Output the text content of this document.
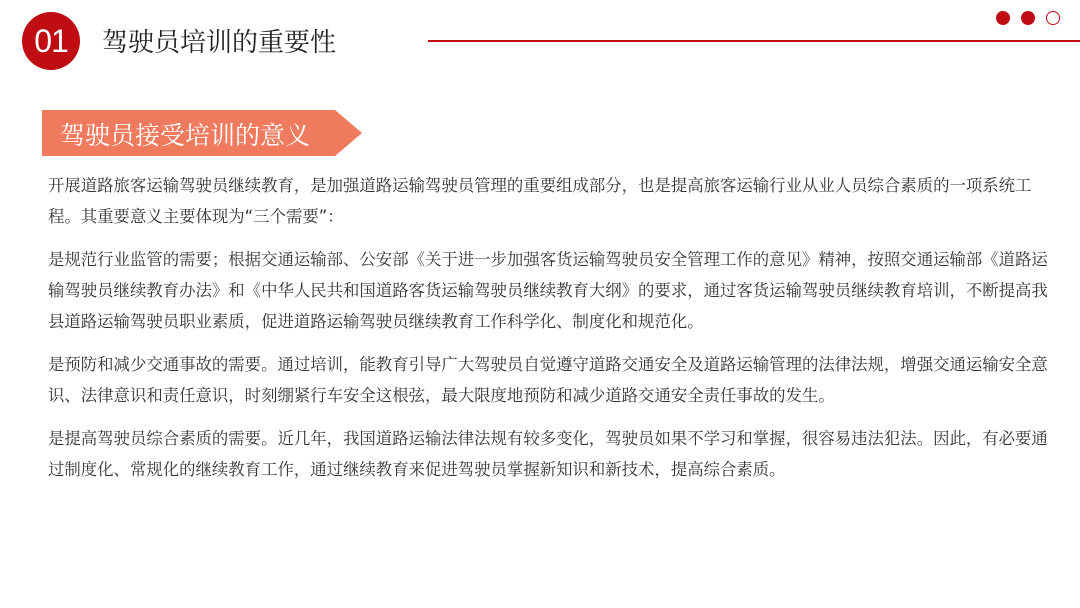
01	驾驶员培训的重要性
驾驶员接受培训的意义

开展道路旅客运输驾驶员继续教育，是加强道路运输驾驶员管理的重要组成部分，也是提高旅客运输行业从业人员综合素质的一项系统工程。其重要意义主要体现为“三个需要”：

是规范行业监管的需要；根据交通运输部、公安部《关于进一步加强客货运输驾驶员安全管理工作的意见》精神，按照交通运输部《道路运输驾驶员继续教育办法》和《中华人民共和国道路客货运输驾驶员继续教育大纲》的要求，通过客货运输驾驶员继续教育培训，不断提高我县道路运输驾驶员职业素质，促进道路运输驾驶员继续教育工作科学化、制度化和规范化。

是预防和减少交通事故的需要。通过培训，能教育引导广大驾驶员自觉遵守道路交通安全及道路运输管理的法律法规，增强交通运输安全意识、法律意识和责任意识，时刻绷紧行车安全这根弦，最大限度地预防和减少道路交通安全责任事故的发生。

是提高驾驶员综合素质的需要。近几年，我国道路运输法律法规有较多变化，驾驶员如果不学习和掌握，很容易违法犯法。因此，有必要通过制度化、常规化的继续教育工作，通过继续教育来促进驾驶员掌握新知识和新技术，提高综合素质。
